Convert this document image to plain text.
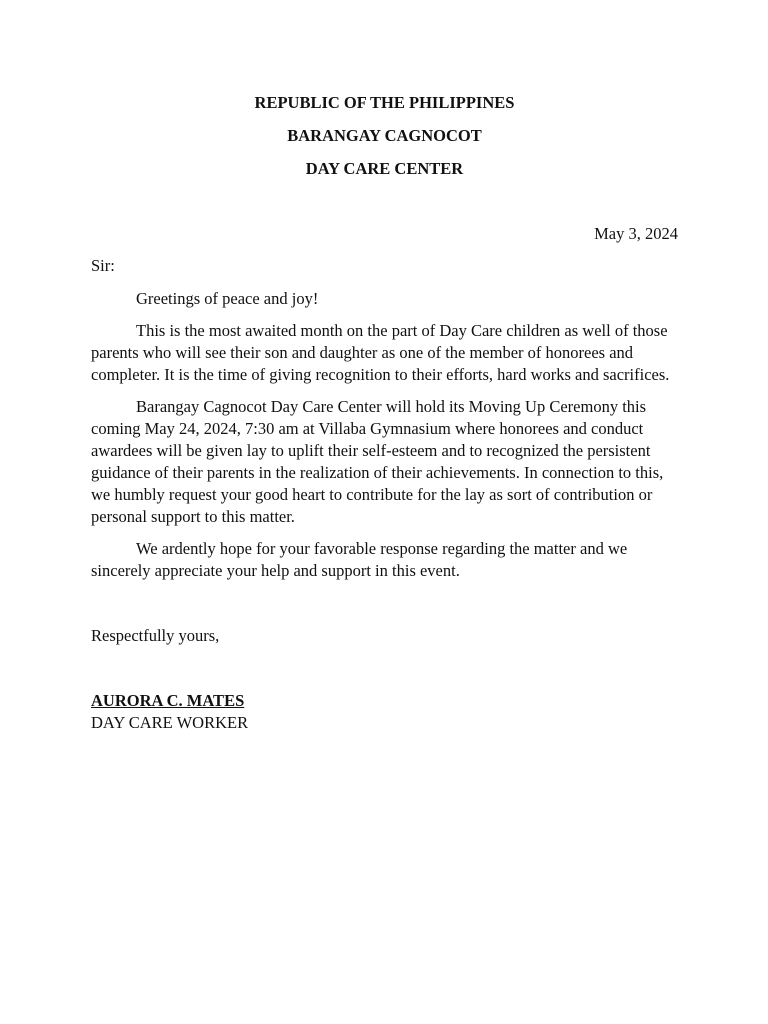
REPUBLIC OF THE PHILIPPINES

BARANGAY CAGNOCOT

DAY CARE CENTER

May 3, 2024

Sir:

Greetings of peace and joy!

This is the most awaited month on the part of Day Care children as well of those parents who will see their son and daughter as one of the member of honorees and completer. It is the time of giving recognition to their efforts, hard works and sacrifices.

Barangay Cagnocot Day Care Center will hold its Moving Up Ceremony this coming May 24, 2024, 7:30 am at Villaba Gymnasium where honorees and conduct awardees will be given lay to uplift their self-esteem and to recognized the persistent guidance of their parents in the realization of their achievements. In connection to this, we humbly request your good heart to contribute for the lay as sort of contribution or personal support to this matter.

We ardently hope for your favorable response regarding the matter and we sincerely appreciate your help and support in this event.

Respectfully yours,

AURORA C. MATES

DAY CARE WORKER
